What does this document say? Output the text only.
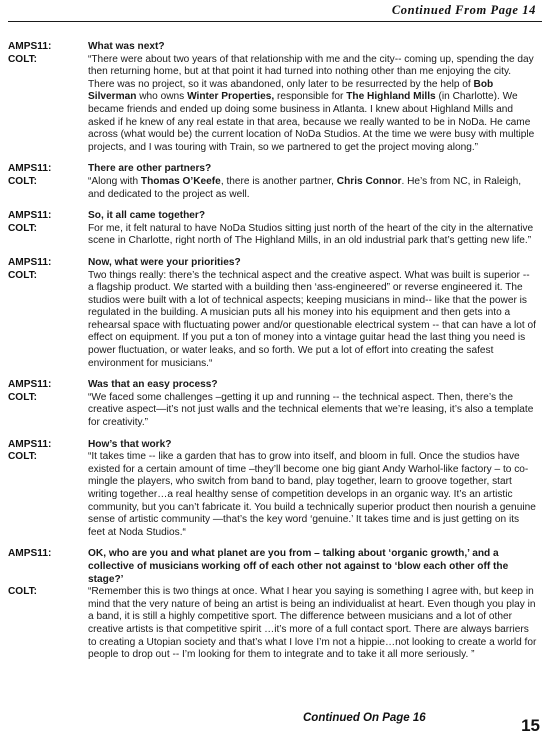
Continued From Page 14
AMPS11:	What was next?
COLT:	“There were about two years of that relationship with me and the city-- coming up, spending the day then returning home, but at that point it had turned into nothing other than me enjoying the city. There was no project, so it was abandoned, only later to be resurrected by the help of Bob Silverman who owns Winter Properties, responsible for The Highland Mills (in Charlotte). We became friends and ended up doing some business in Atlanta. I knew about Highland Mills and asked if he knew of any real estate in that area, because we really wanted to be in NoDa. He came across (what would be) the current location of NoDa Studios. At the time we were busy with multiple projects, and I was touring with Train, so we partnered to get the project moving along.”
AMPS11:	There are other partners?
COLT:	“Along with Thomas O’Keefe, there is another partner, Chris Connor. He’s from NC, in Raleigh, and dedicated to the project as well.
AMPS11:	So, it all came together?
COLT:	For me, it felt natural to have NoDa Studios sitting just north of the heart of the city in the alternative scene in Charlotte, right north of The Highland Mills, in an old industrial park that’s getting new life.”
AMPS11:	Now, what were your priorities?
COLT:	Two things really: there’s the technical aspect and the creative aspect. What was built is superior -- a flagship product. We started with a building then ‘ass-engineered” or reverse engineered it. The studios were built with a lot of technical aspects; keeping musicians in mind-- like that the power is regulated in the building. A musician puts all his money into his equipment and then gets into a rehearsal space with fluctuating power and/or questionable electrical system -- that can have a lot of effect on equipment. If you put a ton of money into a vintage guitar head the last thing you need is power fluctuation, or water leaks, and so forth. We put a lot of effort into creating the safest environment for musicians.“
AMPS11:	Was that an easy process?
COLT:	“We faced some challenges –getting it up and running -- the technical aspect. Then, there’s the creative aspect—it’s not just walls and the technical elements that we’re leasing, it’s also a template for creativity.”
AMPS11:	How’s that work?
COLT:	“It takes time -- like a garden that has to grow into itself, and bloom in full. Once the studios have existed for a certain amount of time –they’ll become one big giant Andy Warhol-like factory – to co-mingle the players, who switch from band to band, play together, learn to groove together, start writing together…a real healthy sense of competition develops in an organic way. It’s an artistic community, but you can’t fabricate it. You build a technically superior product then nourish a genuine sense of artistic community —that’s the key word ‘genuine.’ It takes time and is just getting on its feet at Noda Studios.“
AMPS11:	OK, who are you and what planet are you from – talking about ‘organic growth,’ and a collective of musicians working off of each other not against to ‘blow each other off the stage?’
COLT:	“Remember this is two things at once. What I hear you saying is something I agree with, but keep in mind that the very nature of being an artist is being an individualist at heart. Even though you play in a band, it is still a highly competitive sport. The difference between musicians and a lot of other creative artists is that competitive spirit …it’s more of a full contact sport. There are always barriers to creating a Utopian society and that’s what I love I’m not a hippie…not looking to create a world for people to drop out -- I’m looking for them to integrate and to take it all more seriously. ”
Continued On Page 16	15
